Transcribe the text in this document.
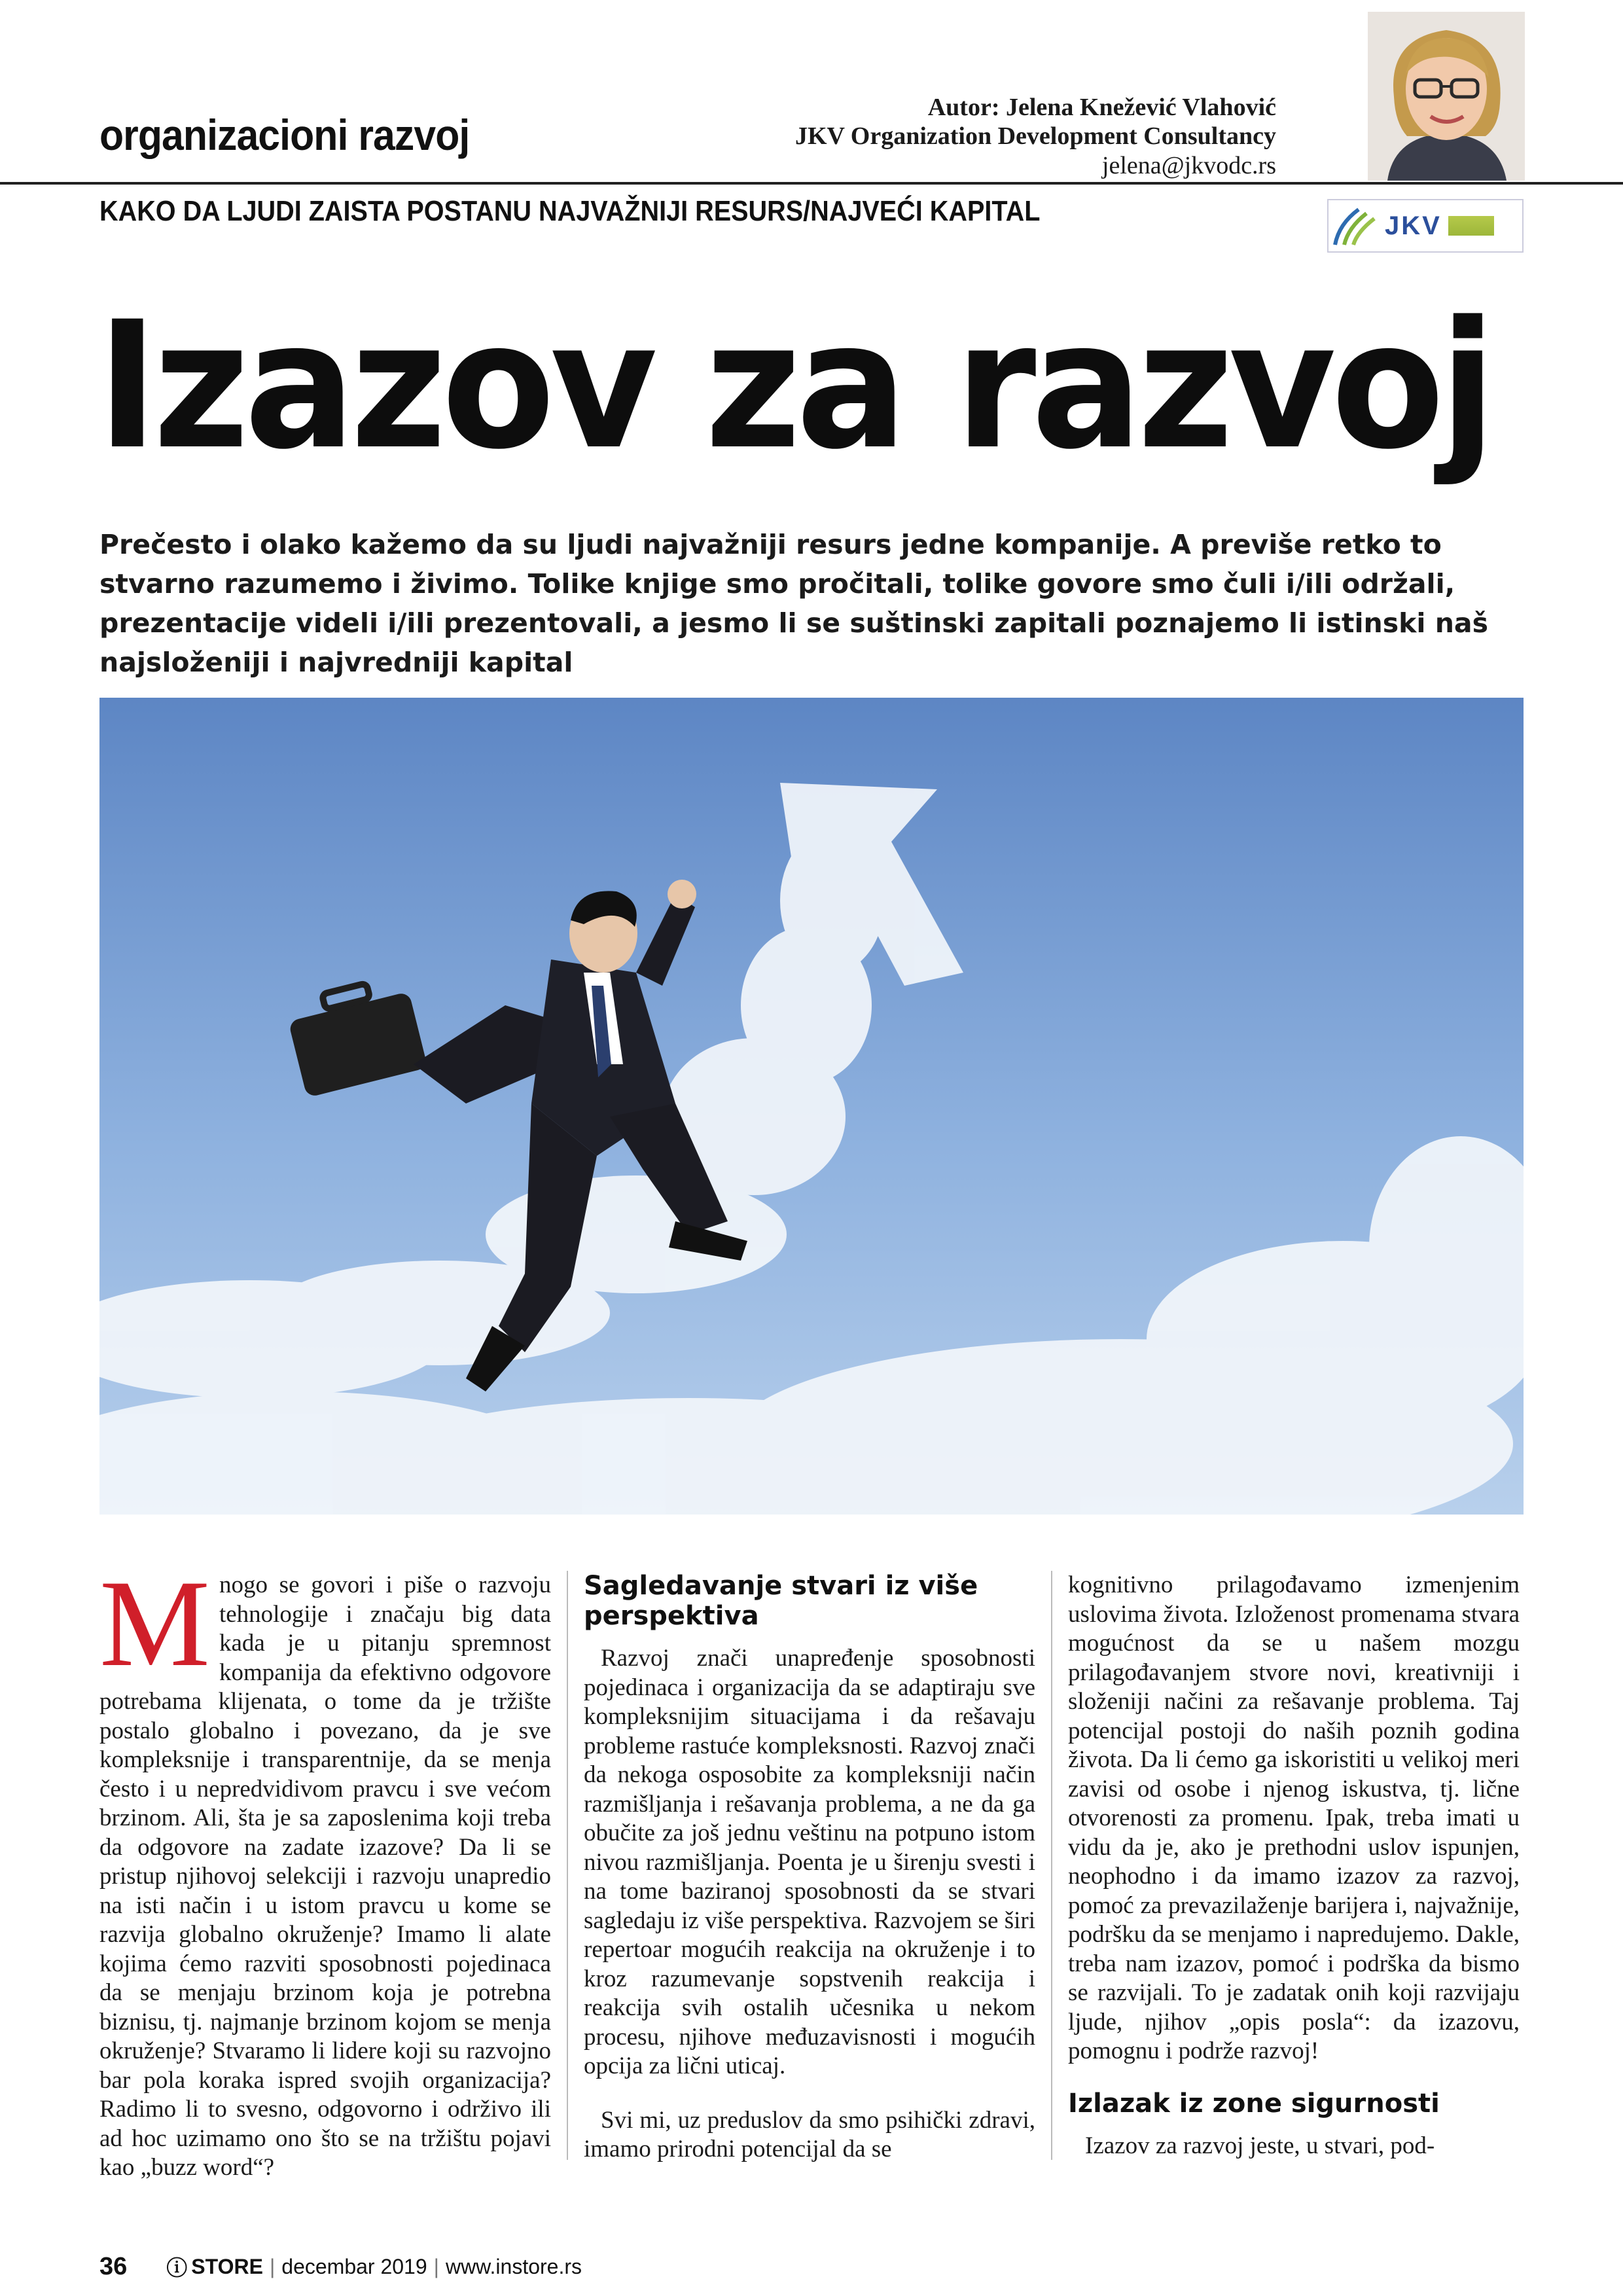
organizacioni razvoj
Autor: Jelena Knežević Vlahović
JKV Organization Development Consultancy
jelena@jkvodc.rs
KAKO DA LJUDI ZAISTA POSTANU NAJVAŽNIJI RESURS/NAJVEĆI KAPITAL	JKV
Izazov za razvoj
Prečesto i olako kažemo da su ljudi najvažniji resurs jedne kompanije. A previše retko to stvarno razumemo i živimo. Tolike knjige smo pročitali, tolike govore smo čuli i/ili održali, prezentacije videli i/ili prezentovali, a jesmo li se suštinski zapitali poznajemo li istinski naš najsloženiji i najvredniji kapital
M nogo se govori i piše o razvoju tehnologije i značaju big data kada je u pitanju spremnost kompanija da efektivno odgovore potrebama klijenata, o tome da je tržište postalo globalno i povezano, da je sve kompleksnije i transparentnije, da se menja često i u nepredvidivom pravcu i sve većom brzinom. Ali, šta je sa zaposlenima koji treba da odgovore na zadate izazove? Da li se pristup njihovoj selekciji i razvoju unapredio na isti način i u istom pravcu u kome se razvija globalno okruženje? Imamo li alate kojima ćemo razviti sposobnosti pojedinaca da se menjaju brzinom koja je potrebna biznisu, tj. najmanje brzinom kojom se menja okruženje? Stvaramo li lidere koji su razvojno bar pola koraka ispred svojih organizacija? Radimo li to svesno, odgovorno i održivo ili ad hoc uzimamo ono što se na tržištu pojavi kao „buzz word“?
Sagledavanje stvari iz više perspektiva

Razvoj znači unapređenje sposobnosti pojedinaca i organizacija da se adaptiraju sve kompleksnijim situacijama i da rešavaju probleme rastuće kompleksnosti. Razvoj znači da nekoga osposobite za kompleksniji način razmišljanja i rešavanja problema, a ne da ga obučite za još jednu veštinu na potpuno istom nivou razmišljanja. Poenta je u širenju svesti i na tome baziranoj sposobnosti da se stvari sagledaju iz više perspektiva. Razvojem se širi repertoar mogućih reakcija na okruženje i to kroz razumevanje sopstvenih reakcija i reakcija svih ostalih učesnika u nekom procesu, njihove međuzavisnosti i mogućih opcija za lični uticaj.

Svi mi, uz preduslov da smo psihički zdravi, imamo prirodni potencijal da se

kognitivno prilagođavamo izmenjenim uslovima života. Izloženost promenama stvara mogućnost da se u našem mozgu prilagođavanjem stvore novi, kreativniji i složeniji načini za rešavanje problema. Taj potencijal postoji do naših poznih godina života. Da li ćemo ga iskoristiti u velikoj meri zavisi od osobe i njenog iskustva, tj. lične otvorenosti za promenu. Ipak, treba imati u vidu da je, ako je prethodni uslov ispunjen, neophodno i da imamo izazov za razvoj, pomoć za prevazilaženje barijera i, najvažnije, podršku da se menjamo i napredujemo. Dakle, treba nam izazov, pomoć i podrška da bismo se razvijali. To je zadatak onih koji razvijaju ljude, njihov „opis posla“: da izazovu, pomognu i podrže razvoj!

Izlazak iz zone sigurnosti

Izazov za razvoj jeste, u stvari, pod-

36 ⓘ STORE | decembar 2019 | www.instore.rs
